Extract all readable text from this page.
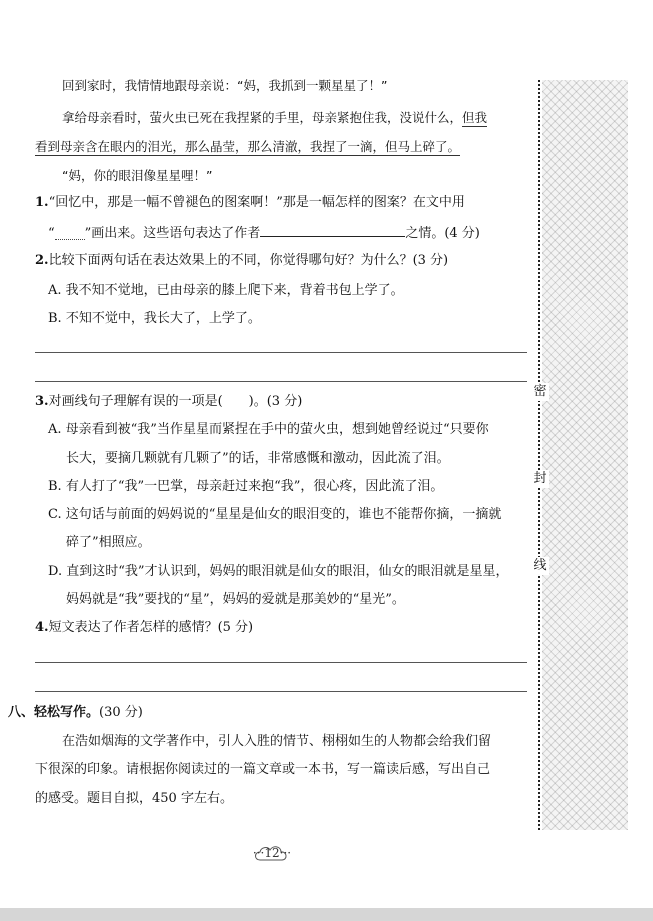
密
封
线
回到家时，我情情地跟母亲说：“妈，我抓到一颗星星了！”
拿给母亲看时，萤火虫已死在我捏紧的手里，母亲紧抱住我，没说什么，但我
看到母亲含在眼内的泪光，那么晶莹，那么清澈，我捏了一滴，但马上碎了。
“妈，你的眼泪像星星哩！”
1.“回忆中，那是一幅不曾褪色的图案啊！”那是一幅怎样的图案？在文中用
“ ”画出来。这些语句表达了作者	之情。(4 分)
2.比较下面两句话在表达效果上的不同，你觉得哪句好？为什么？(3 分)
A. 我不知不觉地，已由母亲的膝上爬下来，背着书包上学了。
B. 不知不觉中，我长大了，上学了。
3.对画线句子理解有误的一项是(　　)。(3 分)
A. 母亲看到被“我”当作星星而紧捏在手中的萤火虫，想到她曾经说过“只要你
长大，要摘几颗就有几颗了”的话，非常感慨和激动，因此流了泪。
B. 有人打了“我”一巴掌，母亲赶过来抱“我”，很心疼，因此流了泪。
C. 这句话与前面的妈妈说的“星星是仙女的眼泪变的，谁也不能帮你摘，一摘就
碎了”相照应。
D. 直到这时“我”才认识到，妈妈的眼泪就是仙女的眼泪，仙女的眼泪就是星星，
妈妈就是“我”要找的“星”，妈妈的爱就是那美妙的“星光”。
4.短文表达了作者怎样的感情？(5 分)
八、轻松写作。(30 分)
在浩如烟海的文学著作中，引人入胜的情节、栩栩如生的人物都会给我们留
下很深的印象。请根据你阅读过的一篇文章或一本书，写一篇读后感，写出自己
的感受。题目自拟，450 字左右。
···12···
